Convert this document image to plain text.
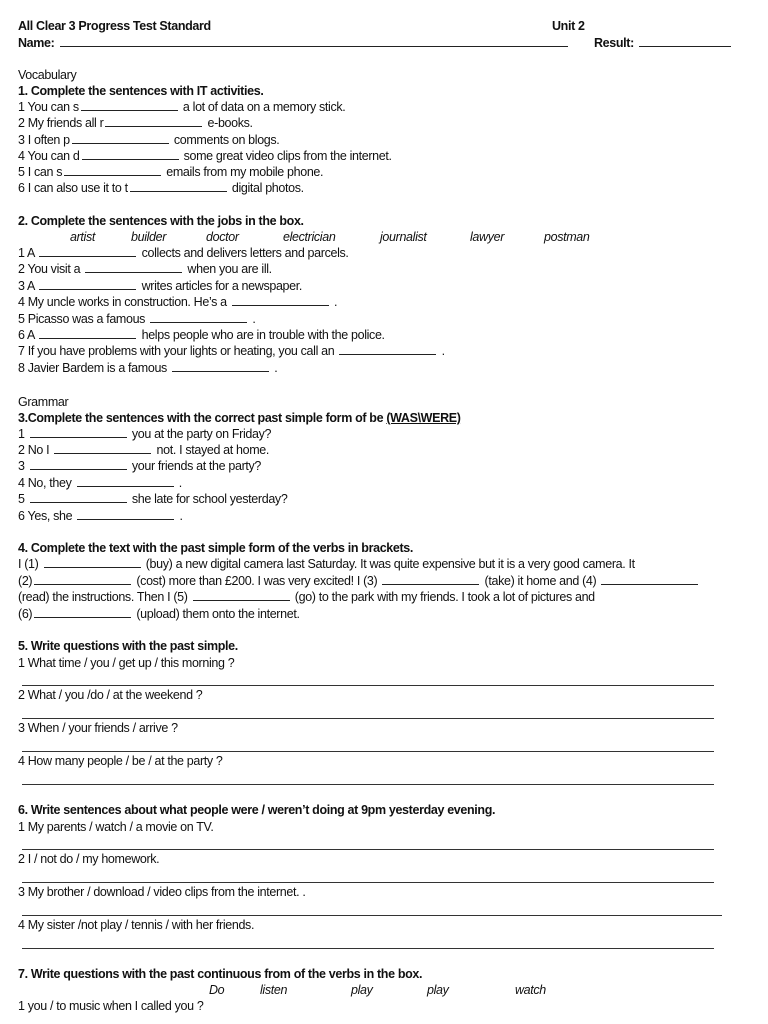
All Clear 3 Progress Test Standard	Unit 2
Name:	Result:
Vocabulary
1. Complete the sentences with IT activities.
1 You can s	a lot of data on a memory stick.
2 My friends all r	e-books.
3 I often p	comments on blogs.
4 You can d	some great video clips from the internet.
5 I can s	emails from my mobile phone.
6 I can also use it to t	digital photos.
2. Complete the sentences with the jobs in the box.
artist	builder	doctor	electrician	journalist	lawyer	postman
1 A	collects and delivers letters and parcels.
2 You visit a	when you are ill.
3 A	writes articles for a newspaper.
4 My uncle works in construction. He’s a	.
5 Picasso was a famous	.
6 A	helps people who are in trouble with the police.
7 If you have problems with your lights or heating, you call an	.
8 Javier Bardem is a famous	.
Grammar
3.Complete the sentences with the correct past simple form of be (WAS\WERE)
1	you at the party on Friday?
2 No I	not. I stayed at home.
3	your friends at the party?
4 No, they	.
5	she late for school yesterday?
6 Yes, she	.
4. Complete the text with the past simple form of the verbs in brackets.
I (1)	(buy) a new digital camera last Saturday. It was quite expensive but it is a very good camera. It
(2)	(cost) more than £200. I was very excited! I (3)	(take) it home and (4)
(read) the instructions. Then I (5)	(go) to the park with my friends. I took a lot of pictures and
(6)	(upload) them onto the internet.
5. Write questions with the past simple.
1 What time / you / get up / this morning ?
2 What / you /do / at the weekend ?
3 When / your friends / arrive ?
4 How many people / be / at the party ?
6. Write sentences about what people were / weren’t doing at 9pm yesterday evening.
1 My parents / watch / a movie on TV.
2 I / not do / my homework.
3 My brother / download / video clips from the internet. .
4 My sister /not play / tennis / with her friends.
7. Write questions with the past continuous from of the verbs in the box.
Do	listen	play	play	watch
1 you / to music when I called you ?
